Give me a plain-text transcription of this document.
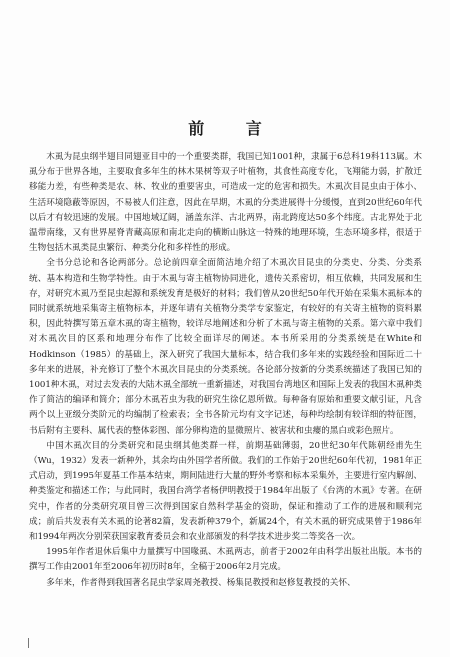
前 言

木虱为昆虫纲半翅目同翅亚目中的一个重要类群，我国已知1001种，隶属于6总科19科113属。木虱分布于世界各地，主要取食多年生的林木果树等双子叶植物，其食性高度专化，飞翔能力弱，扩散迁移能力差，有些种类是农、林、牧业的重要害虫，可造成一定的危害和损失。木虱次目昆虫由于体小、生活环境隐蔽等原因，不易被人们注意，因此在早期，木虱的分类进展得十分缓慢，直到20世纪60年代以后才有较迅速的发展。中国地域辽阔，涵盖东洋、古北两界，南北跨度达50多个纬度。古北界处于北温带南缘，又有世界屋脊青藏高原和南北走向的横断山脉这一特殊的地理环境，生态环境多样，很适于生物包括木虱类昆虫繁衍、种类分化和多样性的形成。

全书分总论和各论两部分。总论前四章全面简洁地介绍了木虱次目昆虫的分类史、分类、分类系统、基本构造和生物学特性。由于木虱与寄主植物协同进化，遗传关系密切，相互依赖，共同发展和生存，对研究木虱乃至昆虫起源和系统发育是极好的材料；我们曾从20世纪50年代开始在采集木虱标本的同时就系统地采集寄主植物标本，并逐年请有关植物分类学专家鉴定，有较好的有关寄主植物的资料累积，因此特撰写第五章木虱的寄主植物，较详尽地阐述和分析了木虱与寄主植物的关系。第六章中我们对木虱次目的区系和地理分布作了比较全面详尽的阐述。本书所采用的分类系统是在White和Hodkinson（1985）的基础上，深入研究了我国大量标本，结合我们多年来的实践经验和国际近二十多年来的进展，补充修订了整个木虱次目昆虫的分类系统。各论部分按新的分类系统描述了我国已知的1001种木虱，对过去发表的大陆木虱全部统一重新描述，对我国台湾地区和国际上发表的我国木虱种类作了简洁的编译和简介；部分木虱若虫为我的研究生徐亿恩所做。每种备有原始和重要文献引证，凡含两个以上亚级分类阶元的均编制了检索表；全书各阶元均有文字记述，每种均绘制有较详细的特征图，书后附有主要科、属代表的整体彩图、部分卵构造的显微照片、被害状和虫瘿的黑白或彩色照片。

中国木虱次目的分类研究和昆虫纲其他类群一样，前期基础薄弱，20世纪30年代陈朝经甫先生（Wu，1932）发表一新种外，其余均由外国学者所做。我们的工作始于20世纪60年代初，1981年正式启动，到1995年夏基工作基本结束，期间陆进行大量的野外考察和标本采集外，主要进行室内解剖、种类鉴定和描述工作；与此同时，我国台湾学者杨伊明教授于1984年出版了《台湾的木虱》专著。在研究中，作者的分类研究项目曾三次得到国家自然科学基金的资助，保证和推动了工作的进展和顺利完成；前后共发表有关木虱的论著82篇，发表新种379个，新属24个，有关木虱的研究成果曾于1986年和1994年两次分别荣获国家教育委员会和农业部颁发的科学技术进步奖二等奖各一次。

1995年作者退休后集中力量撰写中国喙虱、木虱两志，前者于2002年由科学出版社出版。本书的撰写工作由2001年至2006年初历时8年，全稿于2006年2月完成。

多年来，作者得到我国著名昆虫学家周尧教授、杨集昆教授和赵修复教授的关怀、
